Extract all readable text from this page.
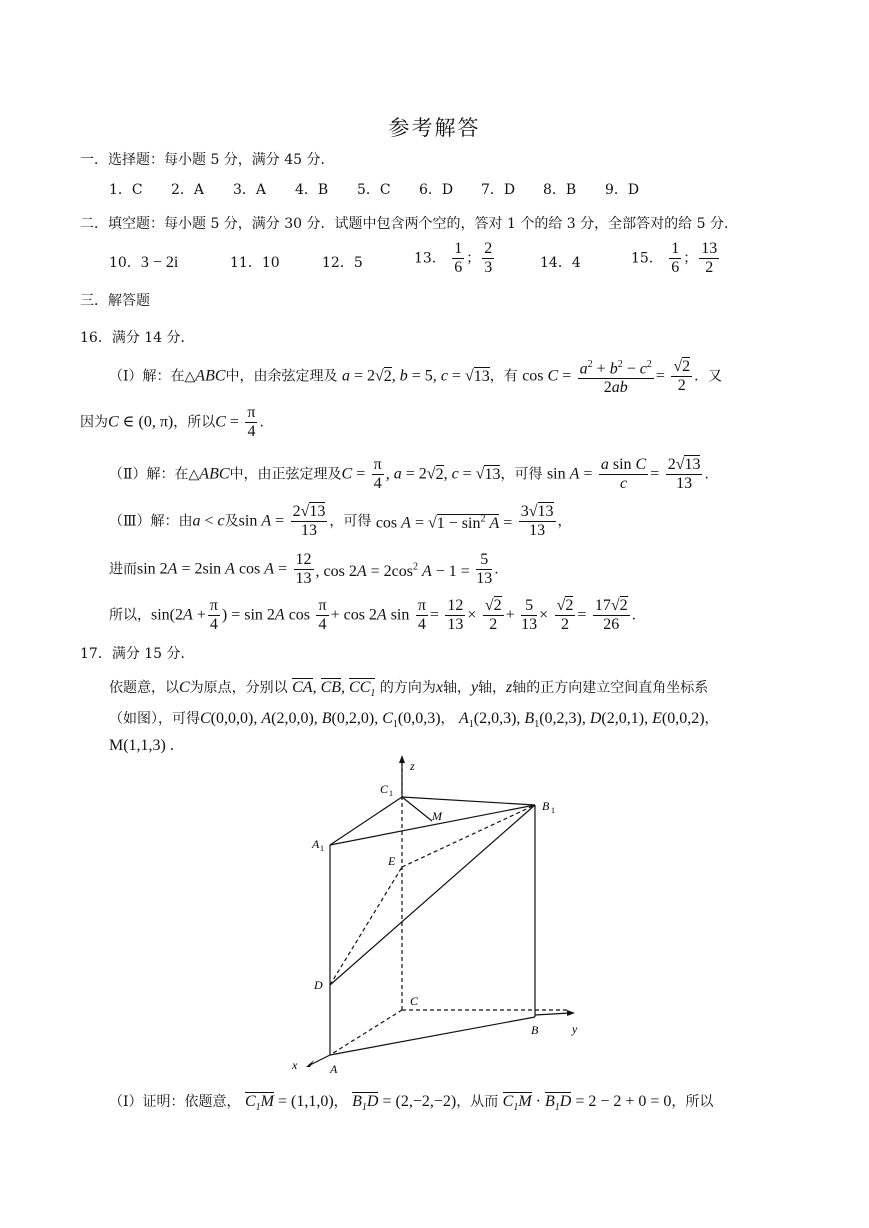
参考解答
一．选择题：每小题 5 分，满分 45 分．
1．C 2．A 3．A 4．B 5．C 6．D 7．D 8．B 9．D
二．填空题：每小题 5 分，满分 30 分．试题中包含两个空的，答对 1 个的给 3 分，全部答对的给 5 分．
10．3 − 2i	11．10	12．5	13． $\frac{1}{6}$ ； $\frac{2}{3}$	14．4	15． $\frac{1}{6}$ ； $\frac{13}{2}$
三．解答题
16．满分 14 分．
（Ⅰ）解：在△ABC中，由余弦定理及 a = 2√2, b = 5, c = √13，有 $\cos C = \frac{a^2 + b^2 - c^2}{2ab} = \frac{√2}{2}$ ．又
因为C ∈ (0, π)，所以$C = \frac{\pi}{4}$ .
（Ⅱ）解：在△ABC中，由正弦定理及$C = \frac{\pi}{4}$ , a = 2√2, c = √13，可得 $\sin A = \frac{\text{a sin C}}{c} = \frac{2√13}{13}$ .
（Ⅲ）解：由a < c及$\sin A = \frac{2√13}{13}$ ，可得 $\cos A = √1 - \sin^2 A = \frac{3√13}{13}$ ，
进而sin 2A = 2sin A $\cos A = \frac{12}{13}$ , $\cos 2A = 2\cos^2$ $A - 1 = \frac{5}{13}$ .
所以，$\sin(2A + \frac{\pi}{4}$ ) = sin 2A $\cos \frac{\pi}{4} + \cos 2A$ $\sin \frac{\pi}{4} = \frac{12}{13} \times \frac{√2}{2} + \frac{5}{13} \times \frac{√2}{2} = \frac{17√2}{26}$ .
17．满分 15 分．
依题意，以C为原点，分别以 CA, CB, $CC_1$ 的方向为x轴，y轴，z轴的正方向建立空间直角坐标系
（如图），可得C(0,0,0), A(2,0,0), B(0,2,0), $C_1(0,0,3)$， $A_1(2,0,3)$, $B_1(0,2,3)$, D(2,0,1), E(0,0,2)，
M(1,1,3) .
z
y
x
C 1
B 1
A 1
M
E
D
C
B
A
（Ⅰ）证明：依题意， $C_1M = (1,1,0)$， $B_1D = (2,-2,-2)$，从而 $C_1M \cdot B_1D = 2 - 2 + 0 = 0$，所以
